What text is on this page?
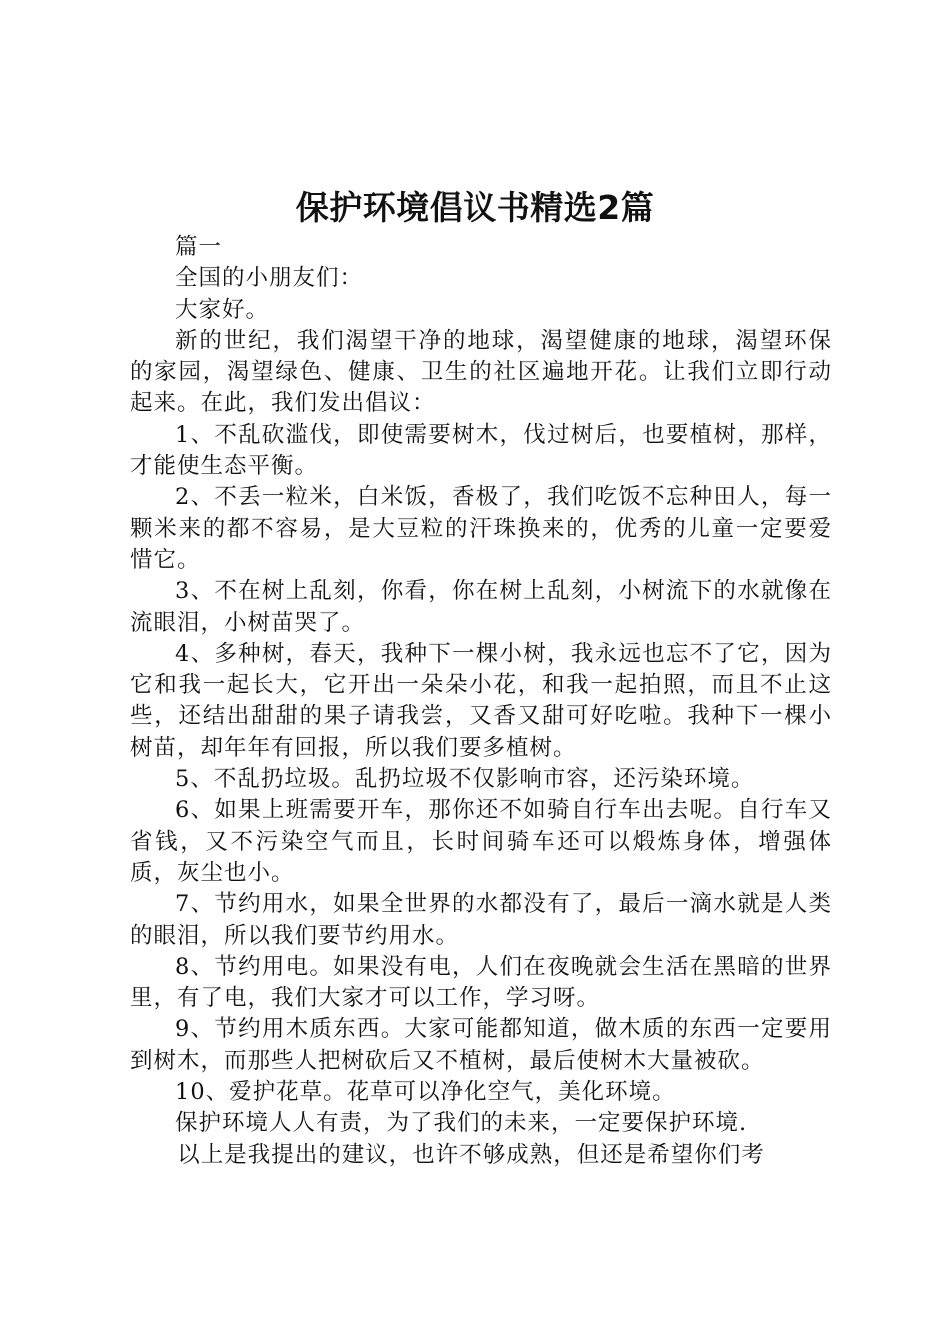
保护环境倡议书精选2篇

篇一

全国的小朋友们：

大家好。

新的世纪，我们渴望干净的地球，渴望健康的地球，渴望环保的家园，渴望绿色、健康、卫生的社区遍地开花。让我们立即行动起来。在此，我们发出倡议：

1、不乱砍滥伐，即使需要树木，伐过树后，也要植树，那样，才能使生态平衡。

2、不丢一粒米，白米饭，香极了，我们吃饭不忘种田人，每一颗米来的都不容易，是大豆粒的汗珠换来的，优秀的儿童一定要爱惜它。

3、不在树上乱刻，你看，你在树上乱刻，小树流下的水就像在流眼泪，小树苗哭了。

4、多种树，春天，我种下一棵小树，我永远也忘不了它，因为它和我一起长大，它开出一朵朵小花，和我一起拍照，而且不止这些，还结出甜甜的果子请我尝，又香又甜可好吃啦。我种下一棵小树苗，却年年有回报，所以我们要多植树。

5、不乱扔垃圾。乱扔垃圾不仅影响市容，还污染环境。

6、如果上班需要开车，那你还不如骑自行车出去呢。自行车又省钱，又不污染空气而且，长时间骑车还可以煅炼身体，增强体质，灰尘也小。

7、节约用水，如果全世界的水都没有了，最后一滴水就是人类的眼泪，所以我们要节约用水。

8、节约用电。如果没有电，人们在夜晚就会生活在黑暗的世界里，有了电，我们大家才可以工作，学习呀。

9、节约用木质东西。大家可能都知道，做木质的东西一定要用到树木，而那些人把树砍后又不植树，最后使树木大量被砍。

10、爱护花草。花草可以净化空气，美化环境。

保护环境人人有责，为了我们的未来，一定要保护环境.

以上是我提出的建议，也许不够成熟，但还是希望你们考
